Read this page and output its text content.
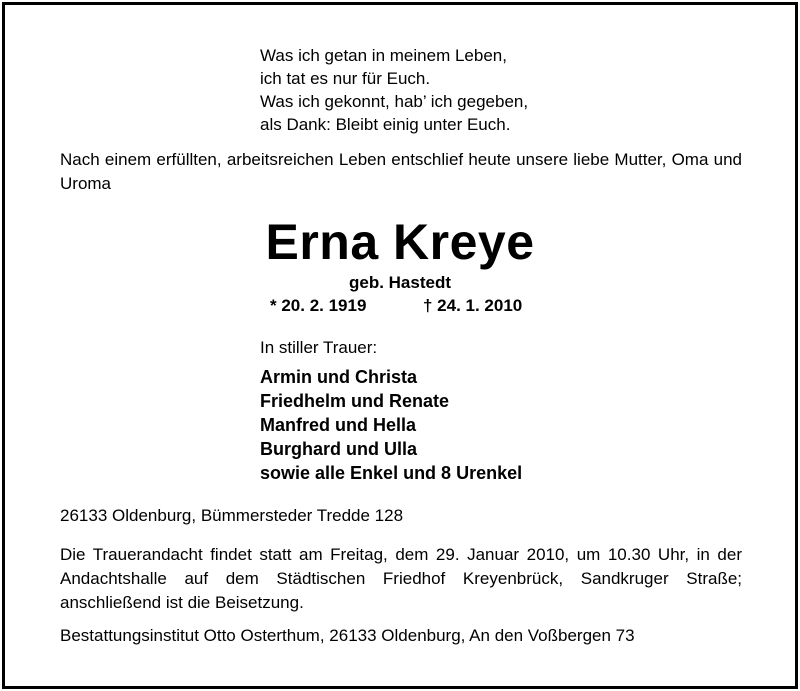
Was ich getan in meinem Leben,
ich tat es nur für Euch.
Was ich gekonnt, hab’ ich gegeben,
als Dank: Bleibt einig unter Euch.
Nach einem erfüllten, arbeitsreichen Leben entschlief heute unsere liebe Mutter, Oma und Uroma
Erna Kreye
geb. Hastedt
* 20. 2. 1919	† 24. 1. 2010
In stiller Trauer:
Armin und Christa
Friedhelm und Renate
Manfred und Hella
Burghard und Ulla
sowie alle Enkel und 8 Urenkel
26133 Oldenburg, Bümmersteder Tredde 128
Die Trauerandacht findet statt am Freitag, dem 29. Januar 2010, um 10.30 Uhr, in der Andachtshalle auf dem Städtischen Friedhof Kreyenbrück, Sandkruger Straße; anschließend ist die Beisetzung.
Bestattungsinstitut Otto Osterthum, 26133 Oldenburg, An den Voßbergen 73
